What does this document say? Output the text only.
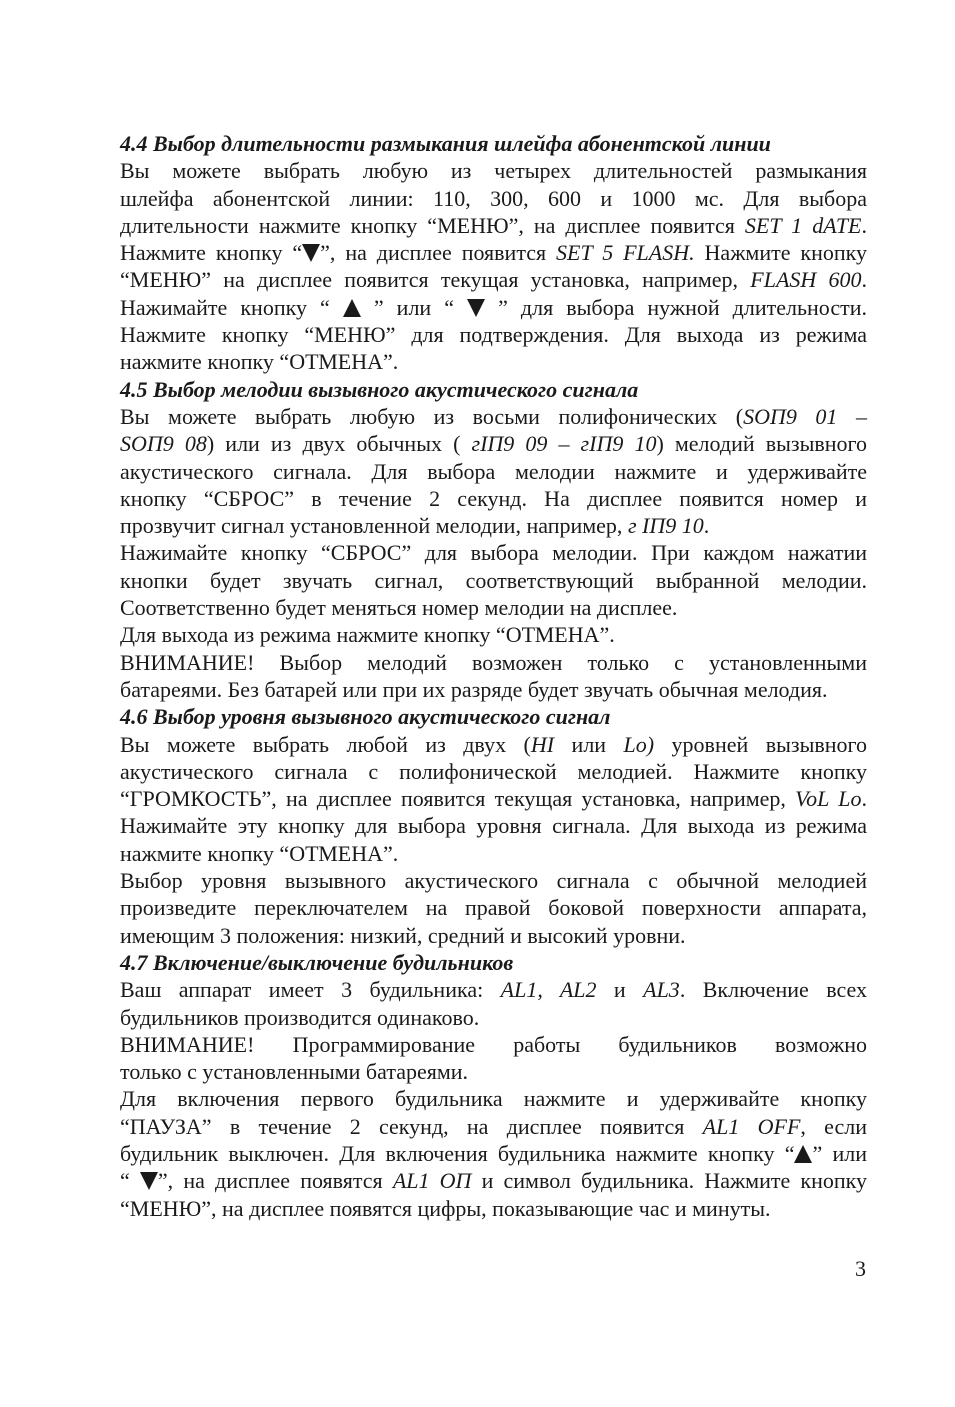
4.4 Выбор длительности размыкания шлейфа абонентской линии

Вы можете выбрать любую из четырех длительностей размыкания
шлейфа абонентской линии: 110, 300, 600 и 1000 мс. Для выбора
длительности нажмите кнопку “МЕНЮ”, на дисплее появится SET 1 dATE.
Нажмите кнопку “ ”, на дисплее появится SET 5 FLASH. Нажмите кнопку
“МЕНЮ” на дисплее появится текущая установка, например, FLASH 600.
Нажимайте кнопку “  ” или “  ” для выбора нужной длительности.
Нажмите кнопку “МЕНЮ” для подтверждения. Для выхода из режима
нажмите кнопку “ОТМЕНА”.

4.5 Выбор мелодии вызывного акустического сигнала

Вы можете выбрать любую из восьми полифонических (SOП9 01 –
SOП9 08) или из двух обычных ( гIП9 09 – гIП9 10) мелодий вызывного
акустического сигнала. Для выбора мелодии нажмите и удерживайте
кнопку “СБРОС” в течение 2 секунд. На дисплее появится номер и
прозвучит сигнал установленной мелодии, например, г IП9 10.

Нажимайте кнопку “СБРОС” для выбора мелодии. При каждом нажатии
кнопки будет звучать сигнал, соответствующий выбранной мелодии.
Соответственно будет меняться номер мелодии на дисплее.

Для выхода из режима нажмите кнопку “ОТМЕНА”.

ВНИМАНИЕ! Выбор мелодий возможен только с установленными
батареями. Без батарей или при их разряде будет звучать обычная мелодия.

4.6 Выбор уровня вызывного акустического сигнал

Вы можете выбрать любой из двух (HI или Lo) уровней вызывного
акустического сигнала с полифонической мелодией. Нажмите кнопку
“ГРОМКОСТЬ”, на дисплее появится текущая установка, например, VoL Lo.
Нажимайте эту кнопку для выбора уровня сигнала. Для выхода из режима
нажмите кнопку “ОТМЕНА”.

Выбор уровня вызывного акустического сигнала с обычной мелодией
произведите переключателем на правой боковой поверхности аппарата,
имеющим 3 положения: низкий, средний и высокий уровни.

4.7 Включение/выключение будильников

Ваш аппарат имеет 3 будильника: AL1, AL2 и AL3. Включение всех
будильников производится одинаково.

ВНИМАНИЕ! Программирование работы будильников возможно
только с установленными батареями.

Для включения первого будильника нажмите и удерживайте кнопку
“ПАУЗА” в течение 2 секунд, на дисплее появится AL1 OFF, если
будильник выключен. Для включения будильника нажмите кнопку “ ” или
“ ”, на дисплее появятся AL1 OП и символ будильника. Нажмите кнопку
“МЕНЮ”, на дисплее появятся цифры, показывающие час и минуты.

3
